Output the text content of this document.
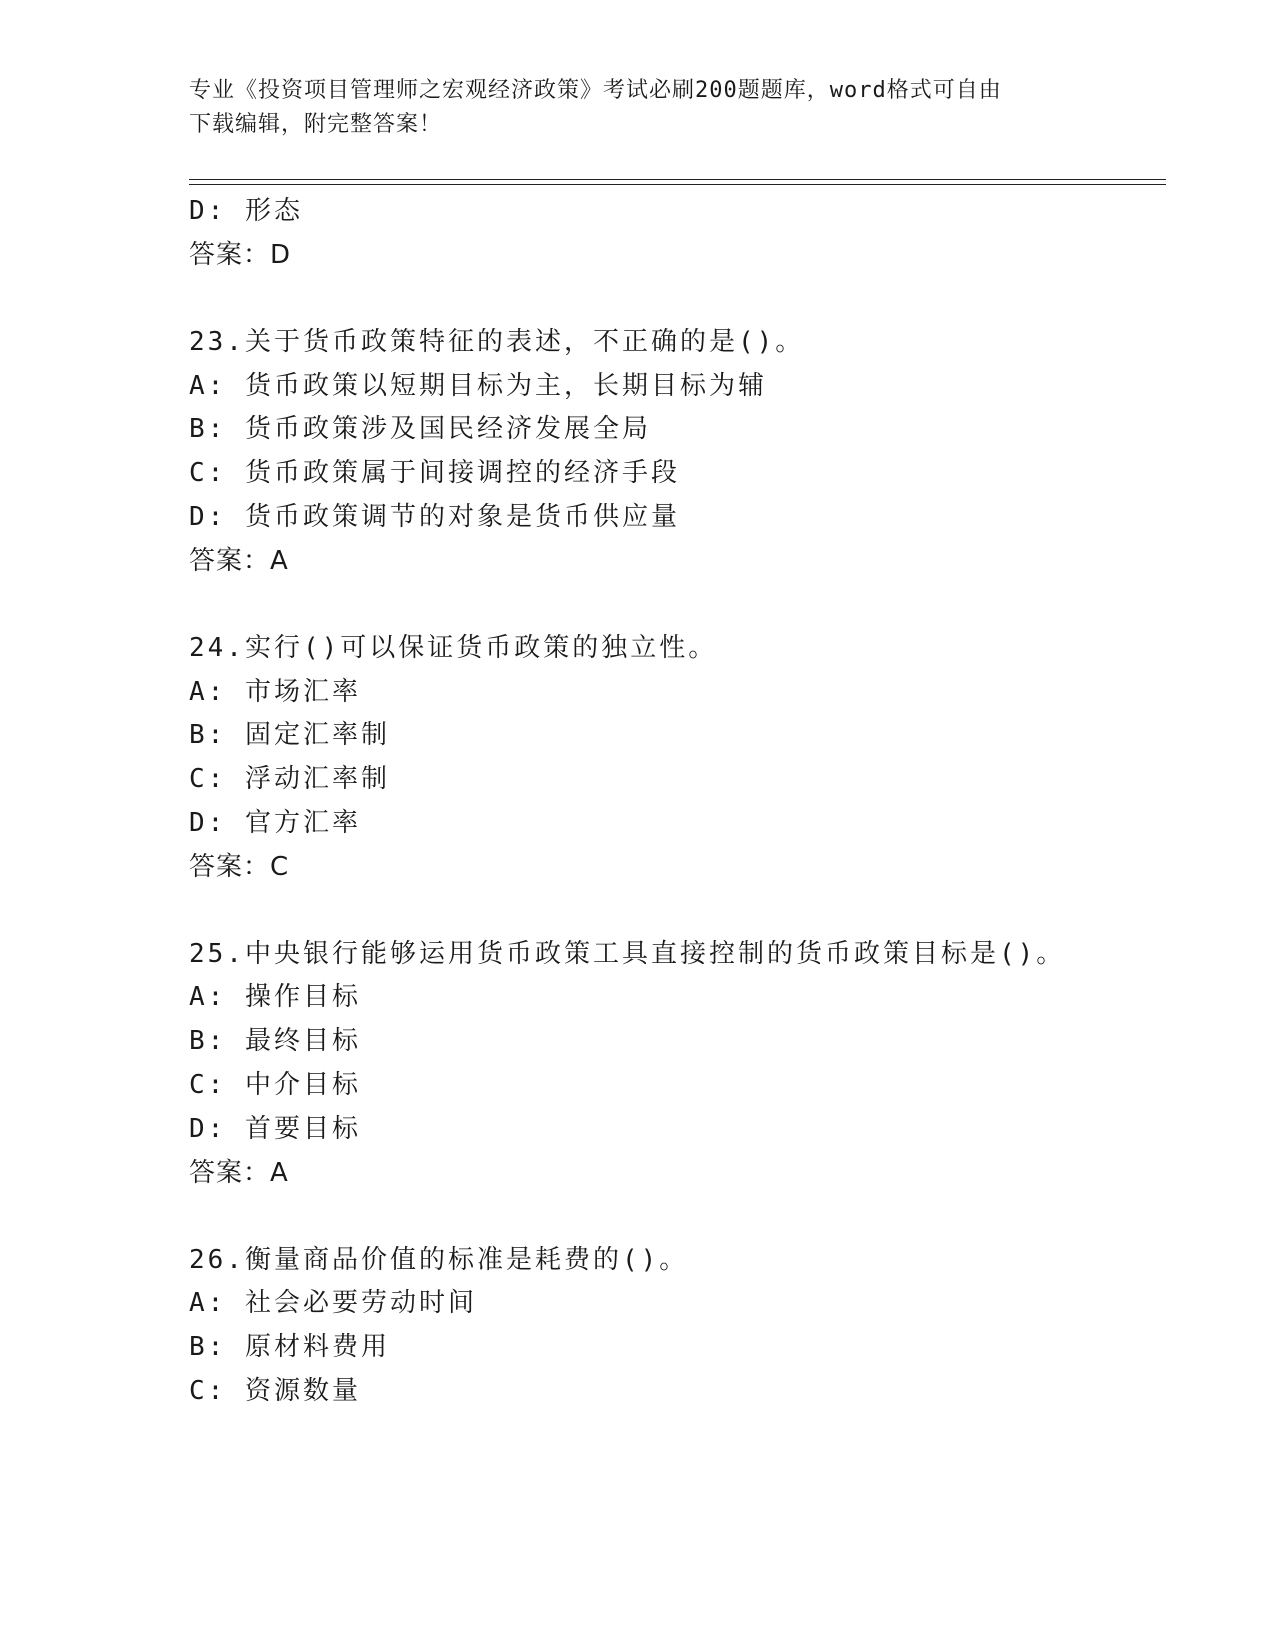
专业《投资项目管理师之宏观经济政策》考试必刷200题题库，word格式可自由
下载编辑，附完整答案！
D: 形态
答案：D
23.关于货币政策特征的表述，不正确的是()。
A: 货币政策以短期目标为主，长期目标为辅
B: 货币政策涉及国民经济发展全局
C: 货币政策属于间接调控的经济手段
D: 货币政策调节的对象是货币供应量
答案：A
24.实行()可以保证货币政策的独立性。
A: 市场汇率
B: 固定汇率制
C: 浮动汇率制
D: 官方汇率
答案：C
25.中央银行能够运用货币政策工具直接控制的货币政策目标是()。
A: 操作目标
B: 最终目标
C: 中介目标
D: 首要目标
答案：A
26.衡量商品价值的标准是耗费的()。
A: 社会必要劳动时间
B: 原材料费用
C: 资源数量
